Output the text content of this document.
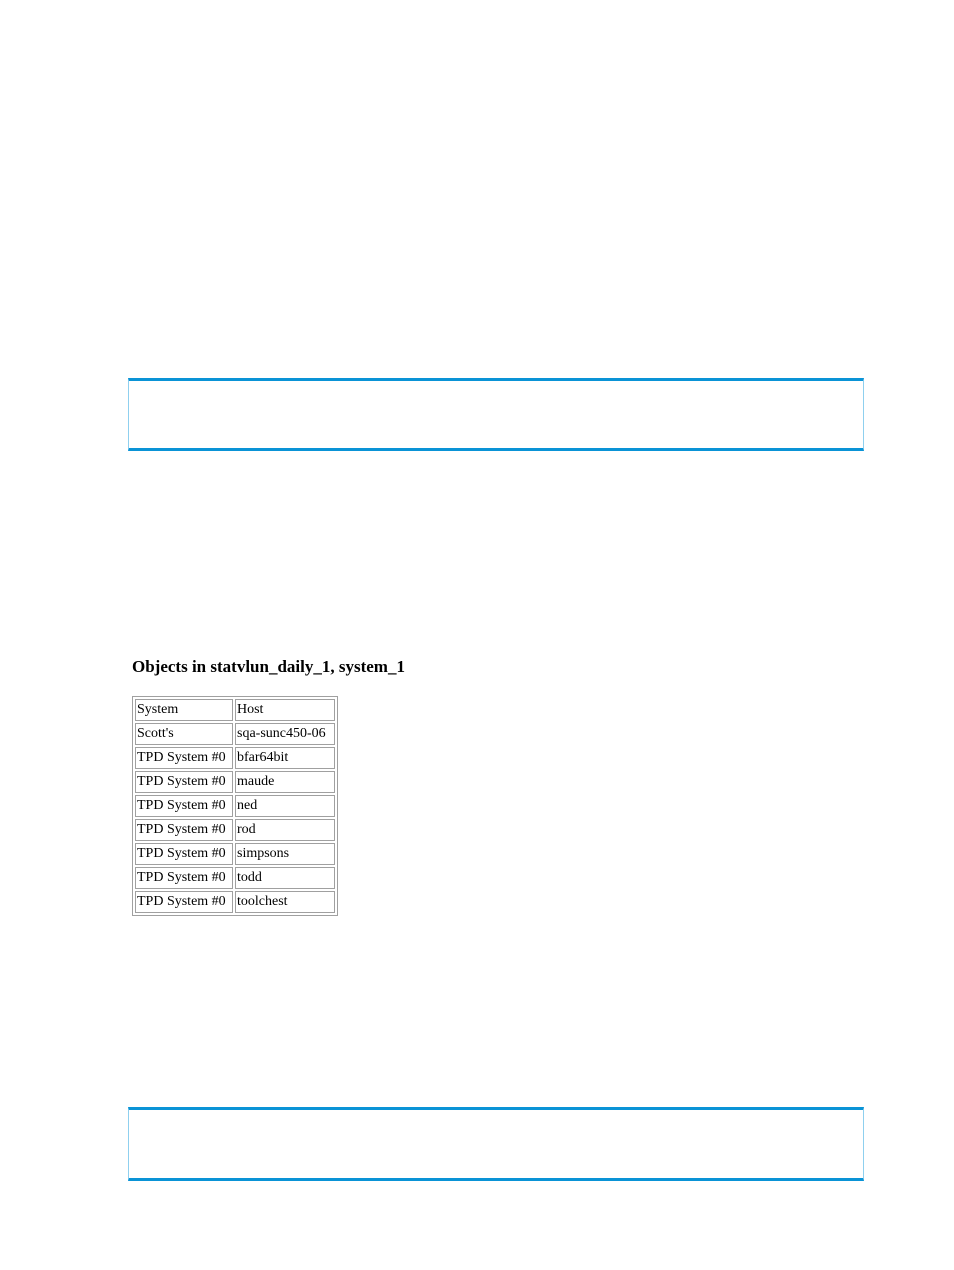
Objects in statvlun_daily_1, system_1
System	Host
Scott's	sqa-sunc450-06
TPD System #0	bfar64bit
TPD System #0	maude
TPD System #0	ned
TPD System #0	rod
TPD System #0	simpsons
TPD System #0	todd
TPD System #0	toolchest
